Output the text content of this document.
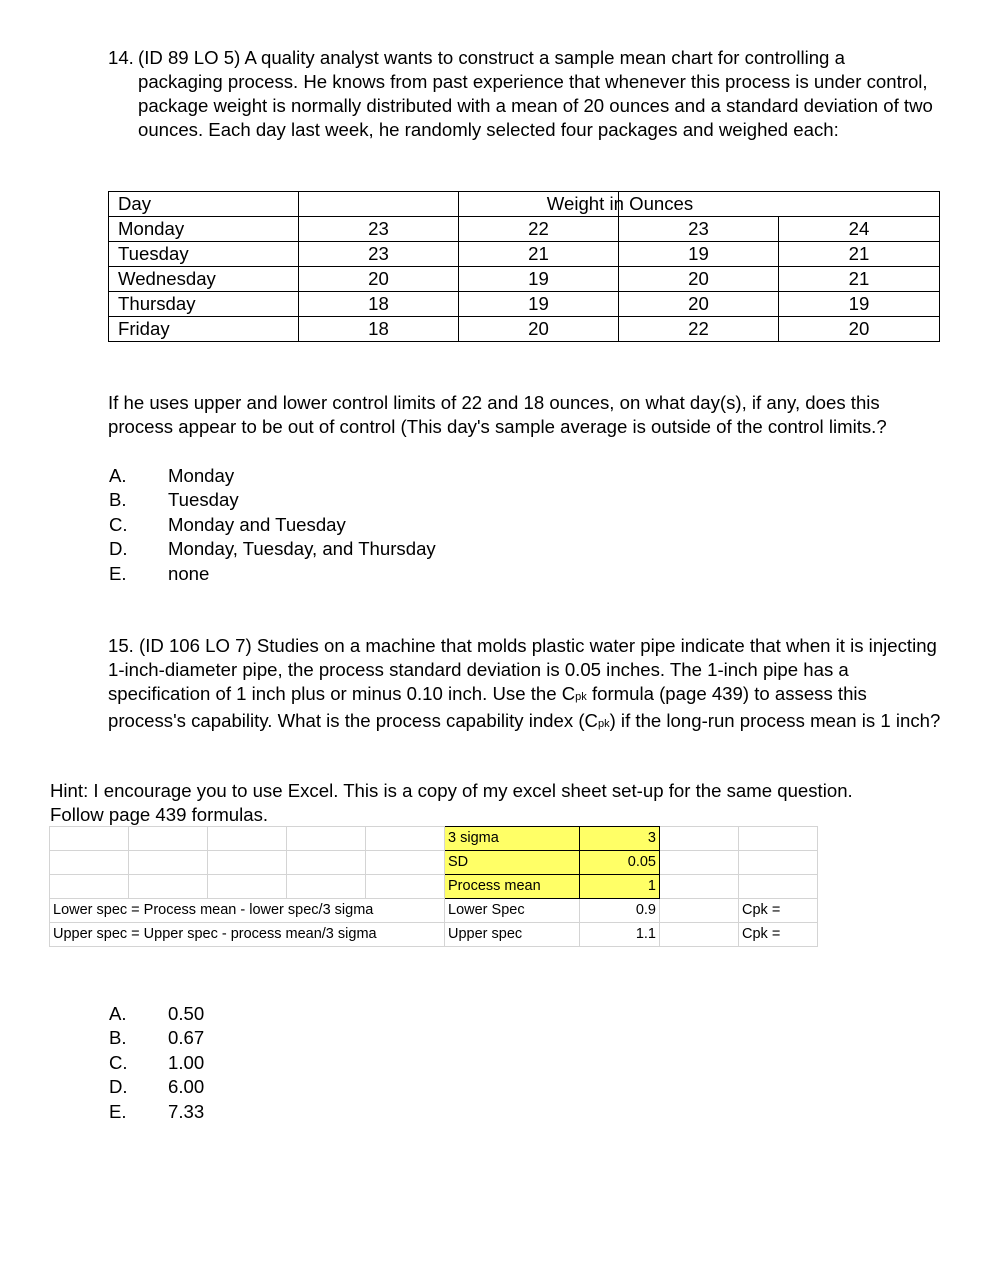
14. (ID 89 LO 5) A quality analyst wants to construct a sample mean chart for controlling a
packaging process. He knows from past experience that whenever this process is under control, package weight is normally distributed with a mean of 20 ounces and a standard deviation of two ounces. Each day last week, he randomly selected four packages and weighed each:
Day			Weight in Ounces	

Monday	23	22	23	24
Tuesday	23	21	19	21
Wednesday	20	19	20	21
Thursday	18	19	20	19
Friday	18	20	22	20
If he uses upper and lower control limits of 22 and 18 ounces, on what day(s), if any, does this process appear to be out of control (This day's sample average is outside of the control limits.?
A. Monday
B. Tuesday
C. Monday and Tuesday
D. Monday, Tuesday, and Thursday
E. none
15. (ID 106 LO 7) Studies on a machine that molds plastic water pipe indicate that when it is injecting 1-inch-diameter pipe, the process standard deviation is 0.05 inches. The 1-inch pipe has a specification of 1 inch plus or minus 0.10 inch. Use the Cpk formula (page 439) to assess this process's capability. What is the process capability index (Cpk) if the long-run process mean is 1 inch?
Hint: I encourage you to use Excel. This is a copy of my excel sheet set-up for the same question.
Follow page 439 formulas.
					3 sigma	3		
					SD	0.05		
					Process mean	1		
Lower spec = Process mean - lower spec/3 sigma					Lower Spec	0.9		Cpk =
Upper spec = Upper spec - process mean/3 sigma					Upper spec	1.1		Cpk =
A. 0.50
B. 0.67
C. 1.00
D. 6.00
E. 7.33
